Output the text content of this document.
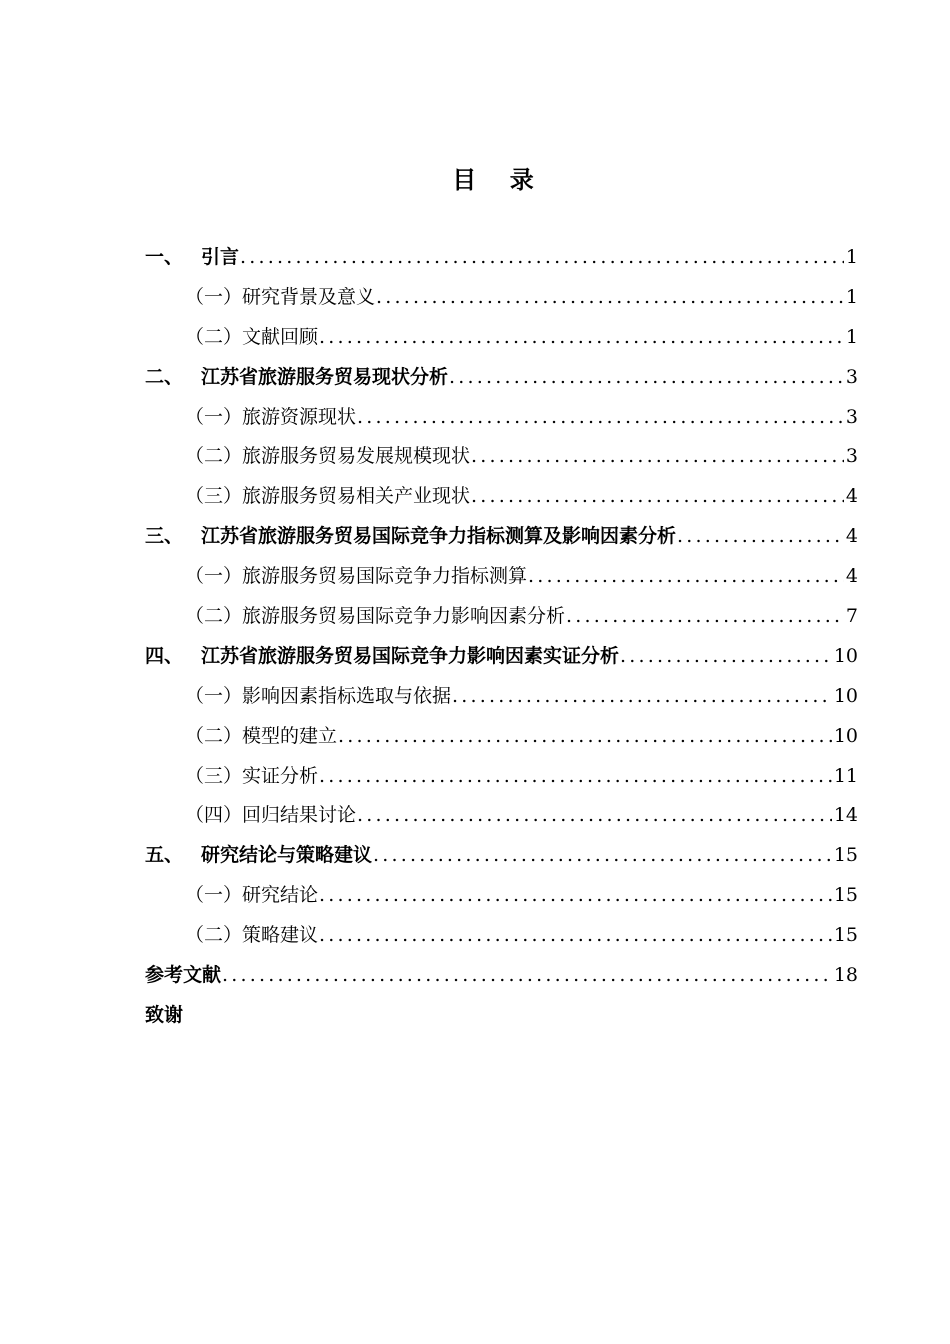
目    录
一、 引言 .....	1
（一）研究背景及意义 .....	1
（二）文献回顾 .....	1
二、 江苏省旅游服务贸易现状分析 .....	3
（一）旅游资源现状 .....	3
（二）旅游服务贸易发展规模现状 .....	3
（三）旅游服务贸易相关产业现状 .....	4
三、 江苏省旅游服务贸易国际竞争力指标测算及影响因素分析 .....	4
（一）旅游服务贸易国际竞争力指标测算 .....	4
（二）旅游服务贸易国际竞争力影响因素分析 .....	7
四、 江苏省旅游服务贸易国际竞争力影响因素实证分析 .....	10
（一）影响因素指标选取与依据 .....	10
（二）模型的建立 .....	10
（三）实证分析 .....	11
（四）回归结果讨论 .....	14
五、 研究结论与策略建议 .....	15
（一）研究结论 .....	15
（二）策略建议 .....	15
参考文献 .....	18
致谢
